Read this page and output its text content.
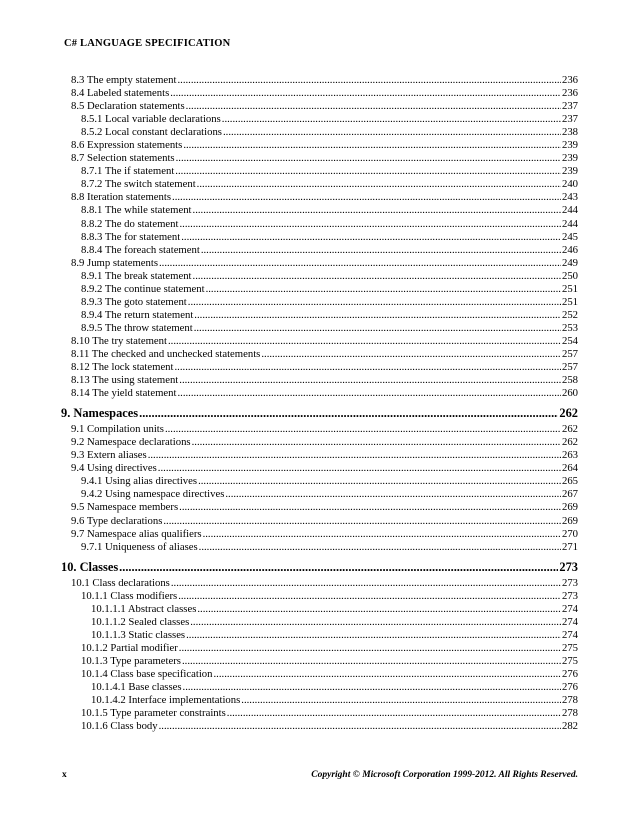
C# LANGUAGE SPECIFICATION
8.3 The empty statement .....	236
8.4 Labeled statements .....	236
8.5 Declaration statements .....	237
8.5.1 Local variable declarations .....	237
8.5.2 Local constant declarations .....	238
8.6 Expression statements .....	239
8.7 Selection statements .....	239
8.7.1 The if statement .....	239
8.7.2 The switch statement .....	240
8.8 Iteration statements .....	243
8.8.1 The while statement .....	244
8.8.2 The do statement .....	244
8.8.3 The for statement .....	245
8.8.4 The foreach statement .....	246
8.9 Jump statements .....	249
8.9.1 The break statement .....	250
8.9.2 The continue statement .....	251
8.9.3 The goto statement .....	251
8.9.4 The return statement .....	252
8.9.5 The throw statement .....	253
8.10 The try statement .....	254
8.11 The checked and unchecked statements .....	257
8.12 The lock statement .....	257
8.13 The using statement .....	258
8.14 The yield statement .....	260
9. Namespaces .....	262
9.1 Compilation units .....	262
9.2 Namespace declarations .....	262
9.3 Extern aliases .....	263
9.4 Using directives .....	264
9.4.1 Using alias directives .....	265
9.4.2 Using namespace directives .....	267
9.5 Namespace members .....	269
9.6 Type declarations .....	269
9.7 Namespace alias qualifiers .....	270
9.7.1 Uniqueness of aliases .....	271
10. Classes .....	273
10.1 Class declarations .....	273
10.1.1 Class modifiers .....	273
10.1.1.1 Abstract classes .....	274
10.1.1.2 Sealed classes .....	274
10.1.1.3 Static classes .....	274
10.1.2 Partial modifier .....	275
10.1.3 Type parameters .....	275
10.1.4 Class base specification .....	276
10.1.4.1 Base classes .....	276
10.1.4.2 Interface implementations .....	278
10.1.5 Type parameter constraints .....	278
10.1.6 Class body .....	282
x	Copyright © Microsoft Corporation 1999-2012. All Rights Reserved.
